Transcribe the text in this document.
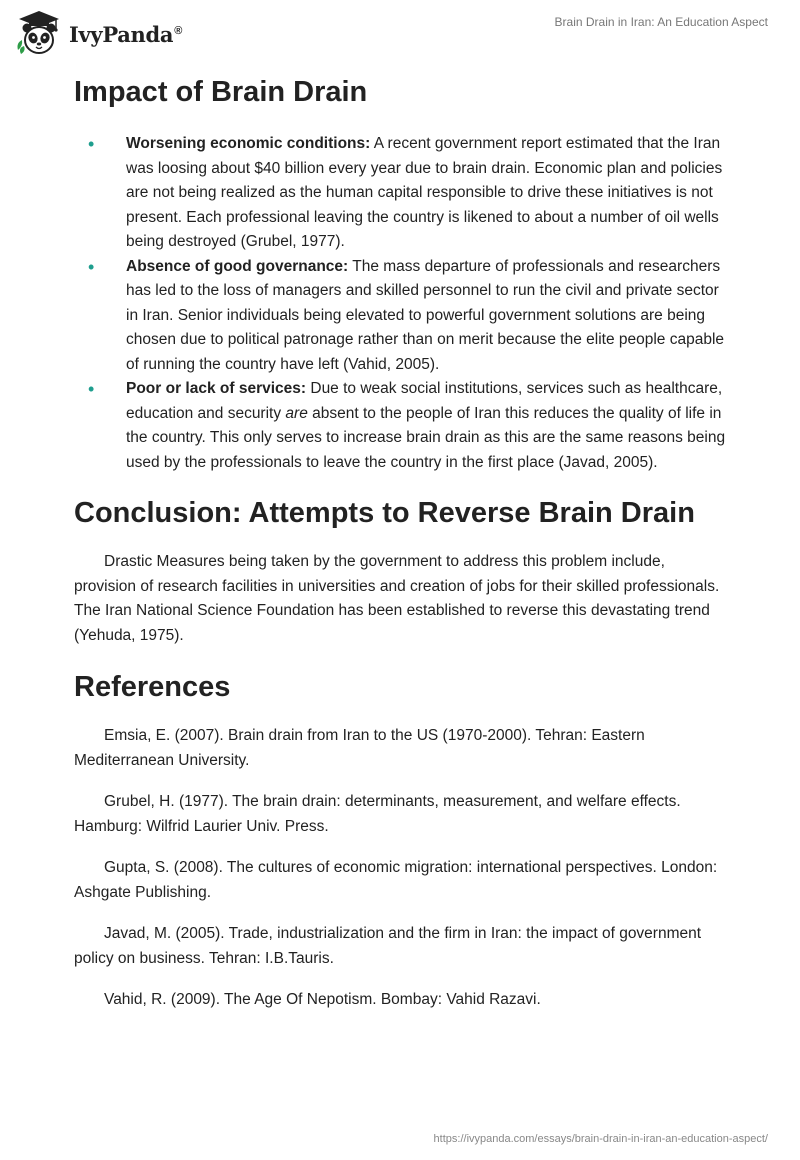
IvyPanda®
Brain Drain in Iran: An Education Aspect
Impact of Brain Drain
• Worsening economic conditions: A recent government report estimated that the Iran was loosing about $40 billion every year due to brain drain. Economic plan and policies are not being realized as the human capital responsible to drive these initiatives is not present. Each professional leaving the country is likened to about a number of oil wells being destroyed (Grubel, 1977).
• Absence of good governance: The mass departure of professionals and researchers has led to the loss of managers and skilled personnel to run the civil and private sector in Iran. Senior individuals being elevated to powerful government solutions are being chosen due to political patronage rather than on merit because the elite people capable of running the country have left (Vahid, 2005).
• Poor or lack of services: Due to weak social institutions, services such as healthcare, education and security are absent to the people of Iran this reduces the quality of life in the country. This only serves to increase brain drain as this are the same reasons being used by the professionals to leave the country in the first place (Javad, 2005).
Conclusion: Attempts to Reverse Brain Drain

Drastic Measures being taken by the government to address this problem include, provision of research facilities in universities and creation of jobs for their skilled professionals. The Iran National Science Foundation has been established to reverse this devastating trend (Yehuda, 1975).

References

Emsia, E. (2007). Brain drain from Iran to the US (1970-2000). Tehran: Eastern Mediterranean University.

Grubel, H. (1977). The brain drain: determinants, measurement, and welfare effects. Hamburg: Wilfrid Laurier Univ. Press.

Gupta, S. (2008). The cultures of economic migration: international perspectives. London: Ashgate Publishing.

Javad, M. (2005). Trade, industrialization and the firm in Iran: the impact of government policy on business. Tehran: I.B.Tauris.

Vahid, R. (2009). The Age Of Nepotism. Bombay: Vahid Razavi.

https://ivypanda.com/essays/brain-drain-in-iran-an-education-aspect/
